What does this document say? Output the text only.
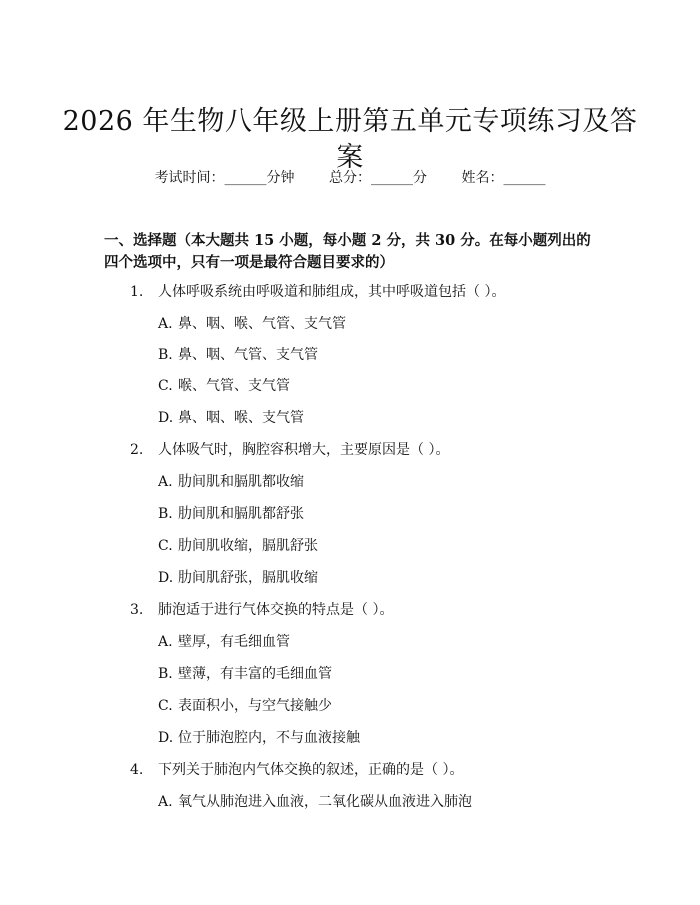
2026 年生物八年级上册第五单元专项练习及答案
考试时间：______分钟 总分：______分 姓名：______
一、选择题（本大题共 15 小题，每小题 2 分，共 30 分。在每小题列出的四个选项中，只有一项是最符合题目要求的）
1. 人体呼吸系统由呼吸道和肺组成，其中呼吸道包括（ ）。
A. 鼻、咽、喉、气管、支气管
B. 鼻、咽、气管、支气管
C. 喉、气管、支气管
D. 鼻、咽、喉、支气管
2. 人体吸气时，胸腔容积增大，主要原因是（ ）。
A. 肋间肌和膈肌都收缩
B. 肋间肌和膈肌都舒张
C. 肋间肌收缩，膈肌舒张
D. 肋间肌舒张，膈肌收缩
3. 肺泡适于进行气体交换的特点是（ ）。
A. 壁厚，有毛细血管
B. 壁薄，有丰富的毛细血管
C. 表面积小，与空气接触少
D. 位于肺泡腔内，不与血液接触
4. 下列关于肺泡内气体交换的叙述，正确的是（ ）。
A. 氧气从肺泡进入血液，二氧化碳从血液进入肺泡
